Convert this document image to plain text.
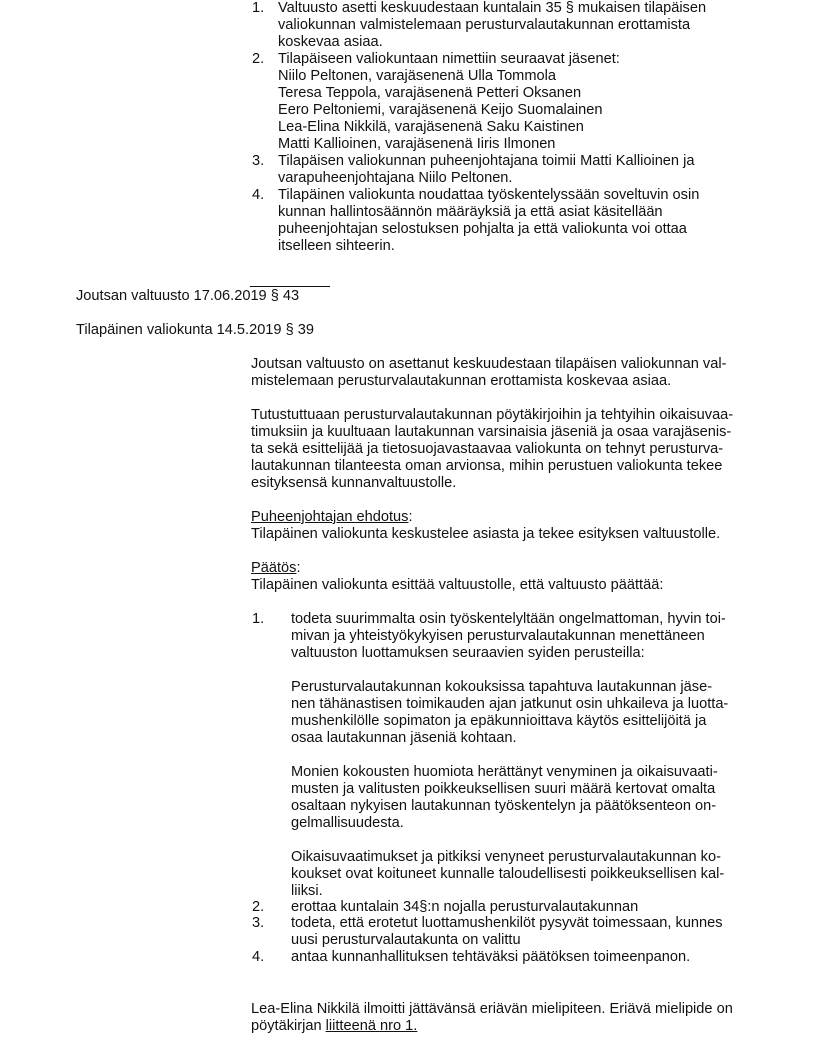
1. Valtuusto asetti keskuudestaan kuntalain 35 § mukaisen tilapäisen
valiokunnan valmistelemaan perusturvalautakunnan erottamista
koskevaa asiaa.
2. Tilapäiseen valiokuntaan nimettiin seuraavat jäsenet:
Niilo Peltonen, varajäsenenä Ulla Tommola
Teresa Teppola, varajäsenenä Petteri Oksanen
Eero Peltoniemi, varajäsenenä Keijo Suomalainen
Lea-Elina Nikkilä, varajäsenenä Saku Kaistinen
Matti Kallioinen, varajäsenenä Iiris Ilmonen
3. Tilapäisen valiokunnan puheenjohtajana toimii Matti Kallioinen ja
varapuheenjohtajana Niilo Peltonen.
4. Tilapäinen valiokunta noudattaa työskentelyssään soveltuvin osin
kunnan hallintosäännön määräyksiä ja että asiat käsitellään
puheenjohtajan selostuksen pohjalta ja että valiokunta voi ottaa
itselleen sihteerin.
Joutsan valtuusto 17.06.2019 § 43
Tilapäinen valiokunta 14.5.2019 § 39
Joutsan valtuusto on asettanut keskuudestaan tilapäisen valiokunnan val-
mistelemaan perusturvalautakunnan erottamista koskevaa asiaa.
Tutustuttuaan perusturvalautakunnan pöytäkirjoihin ja tehtyihin oikaisuvaa-
timuksiin ja kuultuaan lautakunnan varsinaisia jäseniä ja osaa varajäsenis-
ta sekä esittelijää ja tietosuojavastaavaa valiokunta on tehnyt perusturva-
lautakunnan tilanteesta oman arvionsa, mihin perustuen valiokunta tekee
esityksensä kunnanvaltuustolle.
Puheenjohtajan ehdotus:
Tilapäinen valiokunta keskustelee asiasta ja tekee esityksen valtuustolle.
Päätös:
Tilapäinen valiokunta esittää valtuustolle, että valtuusto päättää:
1. todeta suurimmalta osin työskentelyltään ongelmattoman, hyvin toi-
mivan ja yhteistyökykyisen perusturvalautakunnan menettäneen
valtuuston luottamuksen seuraavien syiden perusteilla:
Perusturvalautakunnan kokouksissa tapahtuva lautakunnan jäse-
nen tähänastisen toimikauden ajan jatkunut osin uhkaileva ja luotta-
mushenkilölle sopimaton ja epäkunnioittava käytös esittelijöitä ja
osaa lautakunnan jäseniä kohtaan.
Monien kokousten huomiota herättänyt venyminen ja oikaisuvaati-
musten ja valitusten poikkeuksellisen suuri määrä kertovat omalta
osaltaan nykyisen lautakunnan työskentelyn ja päätöksenteon on-
gelmallisuudesta.
Oikaisuvaatimukset ja pitkiksi venyneet perusturvalautakunnan ko-
koukset ovat koituneet kunnalle taloudellisesti poikkeuksellisen kal-
liiksi.
2. erottaa kuntalain 34§:n nojalla perusturvalautakunnan
3. todeta, että erotetut luottamushenkilöt pysyvät toimessaan, kunnes
uusi perusturvalautakunta on valittu
4. antaa kunnanhallituksen tehtäväksi päätöksen toimeenpanon.
Lea-Elina Nikkilä ilmoitti jättävänsä eriävän mielipiteen. Eriävä mielipide on
pöytäkirjan liitteenä nro 1.
